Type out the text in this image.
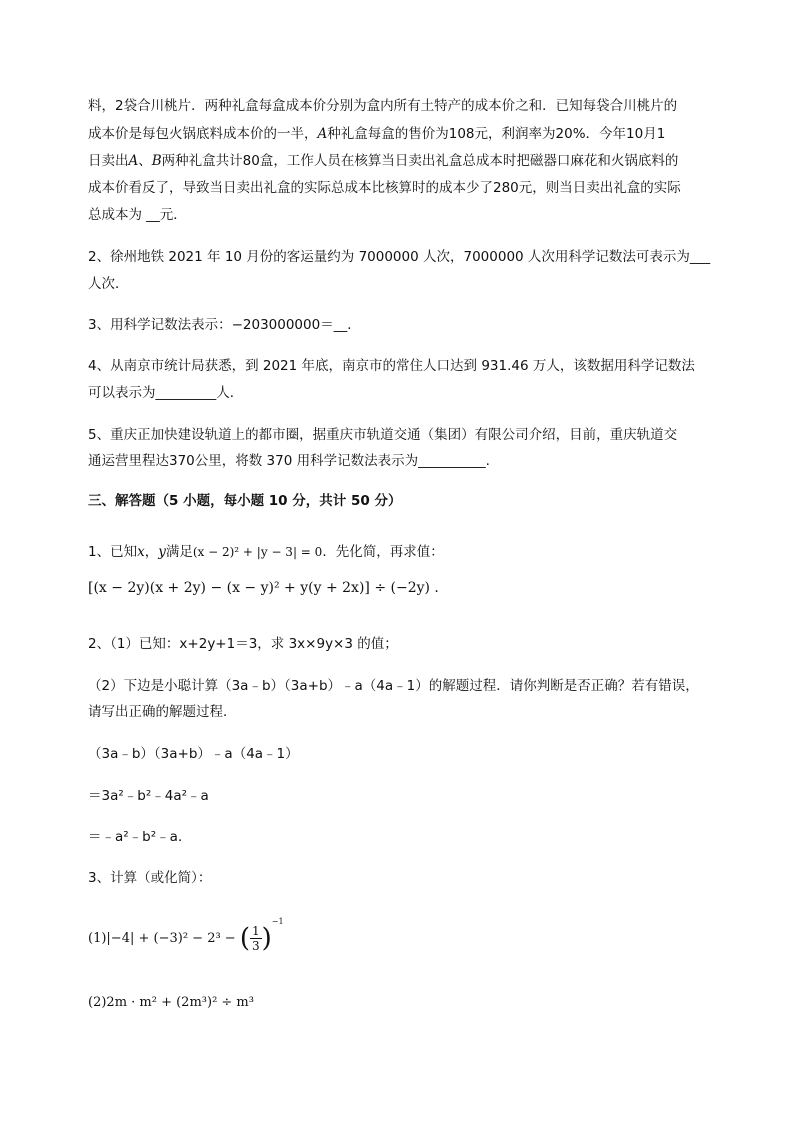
料，2袋合川桃片．两种礼盒每盒成本价分别为盒内所有土特产的成本价之和．已知每袋合川桃片的
成本价是每包火锅底料成本价的一半，A种礼盒每盒的售价为108元，利润率为20%．今年10月1
日卖出A、B两种礼盒共计80盒，工作人员在核算当日卖出礼盒总成本时把磁器口麻花和火锅底料的
成本价看反了，导致当日卖出礼盒的实际总成本比核算时的成本少了280元，则当日卖出礼盒的实际
总成本为 __元．
2、徐州地铁 2021 年 10 月份的客运量约为 7000000 人次，7000000 人次用科学记数法可表示为___
人次．
3、用科学记数法表示：−203000000＝__．
4、从南京市统计局获悉，到 2021 年底，南京市的常住人口达到 931.46 万人，该数据用科学记数法
可以表示为_________人．
5、重庆正加快建设轨道上的都市圈，据重庆市轨道交通（集团）有限公司介绍，目前，重庆轨道交
通运营里程达370公里，将数 370 用科学记数法表示为__________.
三、解答题（5 小题，每小题 10 分，共计 50 分）
1、已知x，y满足(x − 2)² + |y − 3| = 0．先化简，再求值：
[(x − 2y)(x + 2y) − (x − y)² + y(y + 2x)] ÷ (−2y) .
2、（1）已知：x+2y+1＝3，求 3x×9y×3 的值；
（2）下边是小聪计算（3a﹣b）（3a+b）﹣a（4a﹣1）的解题过程．请你判断是否正确？若有错误，
请写出正确的解题过程．
（3a﹣b）（3a+b）﹣a（4a﹣1）
＝3a²﹣b²﹣4a²﹣a
＝﹣a²﹣b²﹣a．
3、计算（或化简）：
(1)|−4| + (−3)² − 2³ − ( $\frac{1}{3} )^{-1}$
(2)2m · m² + (2m³)² ÷ m³
